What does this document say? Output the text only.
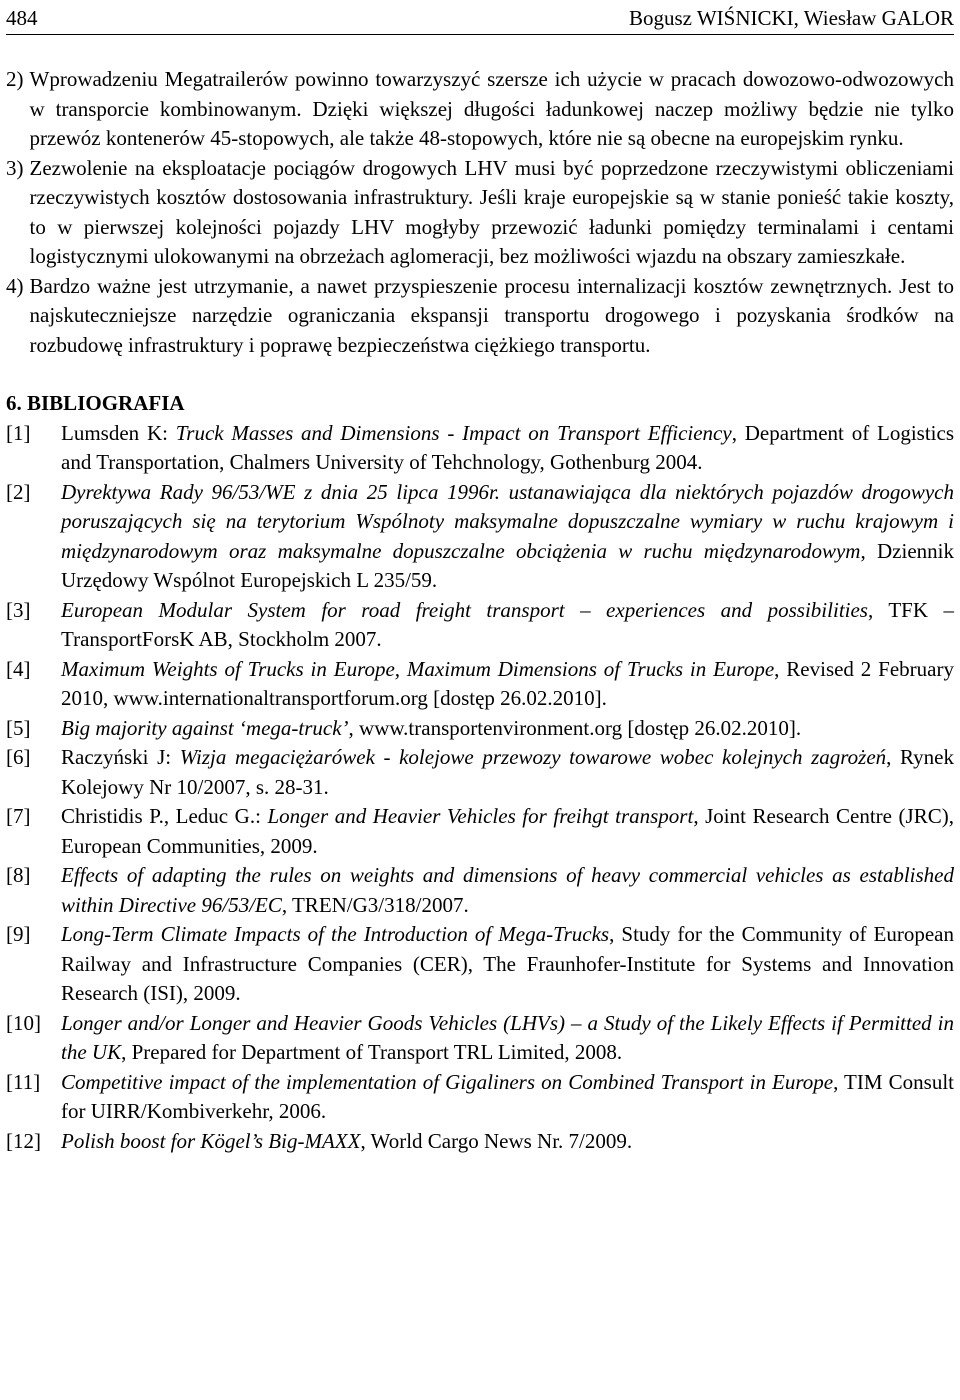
484	Bogusz WIŚNICKI, Wiesław GALOR
2) Wprowadzeniu Megatrailerów powinno towarzyszyć szersze ich użycie w pracach dowozowo-odwozowych w transporcie kombinowanym. Dzięki większej długości ładunkowej naczep możliwy będzie nie tylko przewóz kontenerów 45-stopowych, ale także 48-stopowych, które nie są obecne na europejskim rynku.
3) Zezwolenie na eksploatacje pociągów drogowych LHV musi być poprzedzone rzeczywistymi obliczeniami rzeczywistych kosztów dostosowania infrastruktury. Jeśli kraje europejskie są w stanie ponieść takie koszty, to w pierwszej kolejności pojazdy LHV mogłyby przewozić ładunki pomiędzy terminalami i centami logistycznymi ulokowanymi na obrzeżach aglomeracji, bez możliwości wjazdu na obszary zamieszkałe.
4) Bardzo ważne jest utrzymanie, a nawet przyspieszenie procesu internalizacji kosztów zewnętrznych. Jest to najskuteczniejsze narzędzie ograniczania ekspansji transportu drogowego i pozyskania środków na rozbudowę infrastruktury i poprawę bezpieczeństwa ciężkiego transportu.
6. BIBLIOGRAFIA
[1]	Lumsden K: Truck Masses and Dimensions - Impact on Transport Efficiency, Department of Logistics and Transportation, Chalmers University of Tehchnology, Gothenburg 2004.
[2]	Dyrektywa Rady 96/53/WE z dnia 25 lipca 1996r. ustanawiająca dla niektórych pojazdów drogowych poruszających się na terytorium Wspólnoty maksymalne dopuszczalne wymiary w ruchu krajowym i międzynarodowym oraz maksymalne dopuszczalne obciążenia w ruchu międzynarodowym, Dziennik Urzędowy Wspólnot Europejskich L 235/59.
[3]	European Modular System for road freight transport – experiences and possibilities, TFK – TransportForsK AB, Stockholm 2007.
[4]	Maximum Weights of Trucks in Europe, Maximum Dimensions of Trucks in Europe, Revised 2 February 2010, www.internationaltransportforum.org [dostęp 26.02.2010].
[5]	Big majority against ‘mega-truck’, www.transportenvironment.org [dostęp 26.02.2010].
[6]	Raczyński J: Wizja megaciężarówek - kolejowe przewozy towarowe wobec kolejnych zagrożeń, Rynek Kolejowy Nr 10/2007, s. 28-31.
[7]	Christidis P., Leduc G.: Longer and Heavier Vehicles for freihgt transport, Joint Research Centre (JRC), European Communities, 2009.
[8]	Effects of adapting the rules on weights and dimensions of heavy commercial vehicles as established within Directive 96/53/EC, TREN/G3/318/2007.
[9]	Long-Term Climate Impacts of the Introduction of Mega-Trucks, Study for the Community of European Railway and Infrastructure Companies (CER), The Fraunhofer-Institute for Systems and Innovation Research (ISI), 2009.
[10] Longer and/or Longer and Heavier Goods Vehicles (LHVs) – a Study of the Likely Effects if Permitted in the UK, Prepared for Department of Transport TRL Limited, 2008.
[11] Competitive impact of the implementation of Gigaliners on Combined Transport in Europe, TIM Consult for UIRR/Kombiverkehr, 2006.
[12] Polish boost for Kögel’s Big-MAXX, World Cargo News Nr. 7/2009.
